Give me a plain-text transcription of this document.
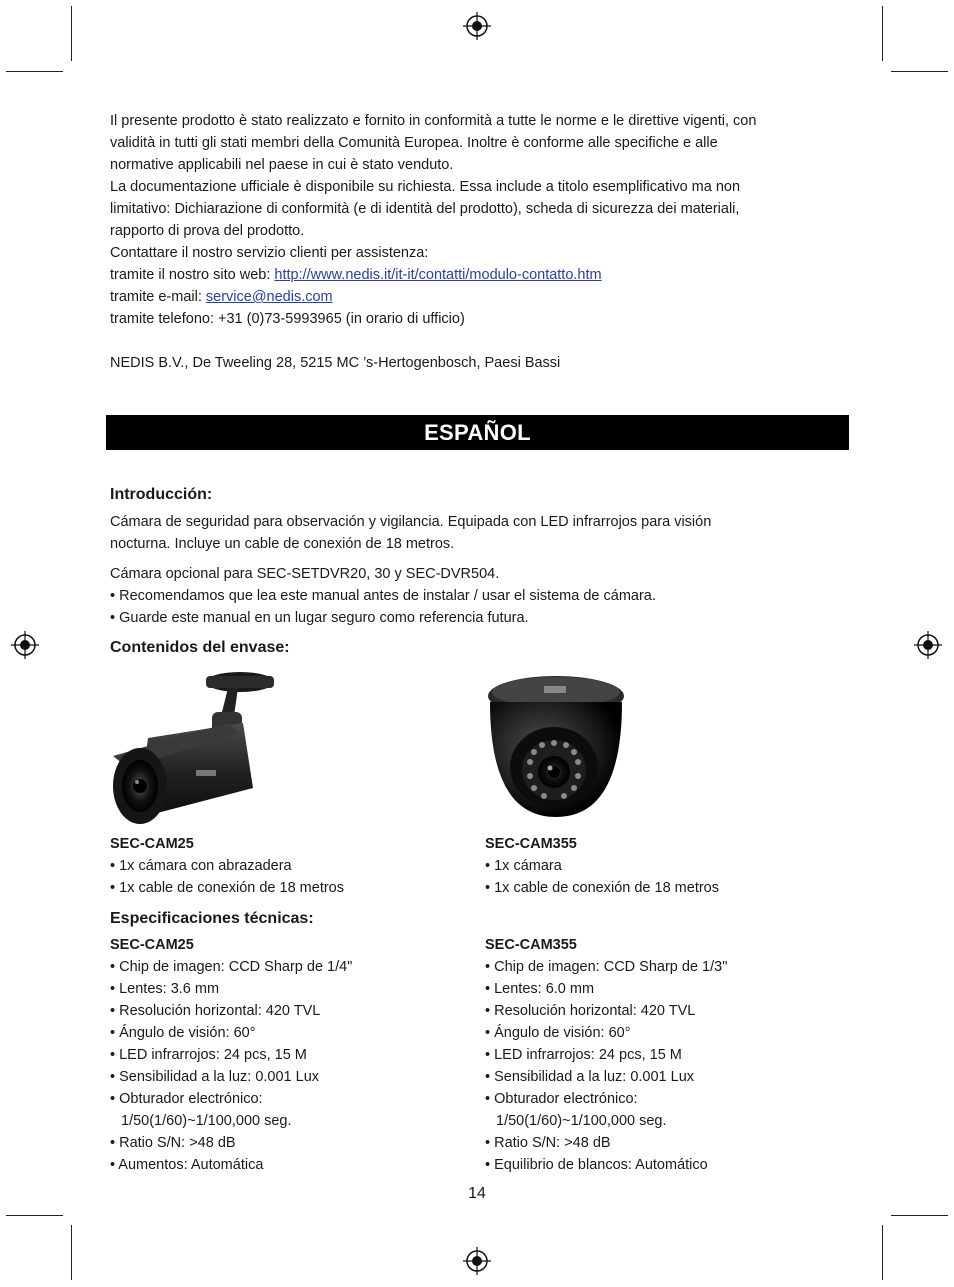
Il presente prodotto è stato realizzato e fornito in conformità a tutte le norme e le direttive vigenti, con

validità in tutti gli stati membri della Comunità Europea. Inoltre è conforme alle specifiche e alle

normative applicabili nel paese in cui è stato venduto.

La documentazione ufficiale è disponibile su richiesta. Essa include a titolo esemplificativo ma non

limitativo: Dichiarazione di conformità (e di identità del prodotto), scheda di sicurezza dei materiali,

rapporto di prova del prodotto.

Contattare il nostro servizio clienti per assistenza:

tramite il nostro sito web: http://www.nedis.it/it-it/contatti/modulo-contatto.htm

tramite e-mail: service@nedis.com

tramite telefono: +31 (0)73-5993965 (in orario di ufficio)

NEDIS B.V., De Tweeling 28, 5215 MC ’s-Hertogenbosch, Paesi Bassi

ESPAÑOL

Introducción:

Cámara de seguridad para observación y vigilancia. Equipada con LED infrarrojos para visión

nocturna. Incluye un cable de conexión de 18 metros.

Cámara opcional para SEC-SETDVR20, 30 y SEC-DVR504.

• Recomendamos que lea este manual antes de instalar / usar el sistema de cámara.

• Guarde este manual en un lugar seguro como referencia futura.

Contenidos del envase:

SEC-CAM25

• 1x cámara con abrazadera

• 1x cable de conexión de 18 metros

SEC-CAM355

• 1x cámara

• 1x cable de conexión de 18 metros

Especificaciones técnicas:

SEC-CAM25

• Chip de imagen: CCD Sharp de 1/4"

• Lentes: 3.6 mm

• Resolución horizontal: 420 TVL

• Ángulo de visión: 60°

• LED infrarrojos: 24 pcs, 15 M

• Sensibilidad a la luz: 0.001 Lux

• Obturador electrónico:

1/50(1/60)~1/100,000 seg.

• Ratio S/N: >48 dB

• Aumentos: Automática

SEC-CAM355

• Chip de imagen: CCD Sharp de 1/3"

• Lentes: 6.0 mm

• Resolución horizontal: 420 TVL

• Ángulo de visión: 60°

• LED infrarrojos: 24 pcs, 15 M

• Sensibilidad a la luz: 0.001 Lux

• Obturador electrónico:

1/50(1/60)~1/100,000 seg.

• Ratio S/N: >48 dB

• Equilibrio de blancos: Automático

14
